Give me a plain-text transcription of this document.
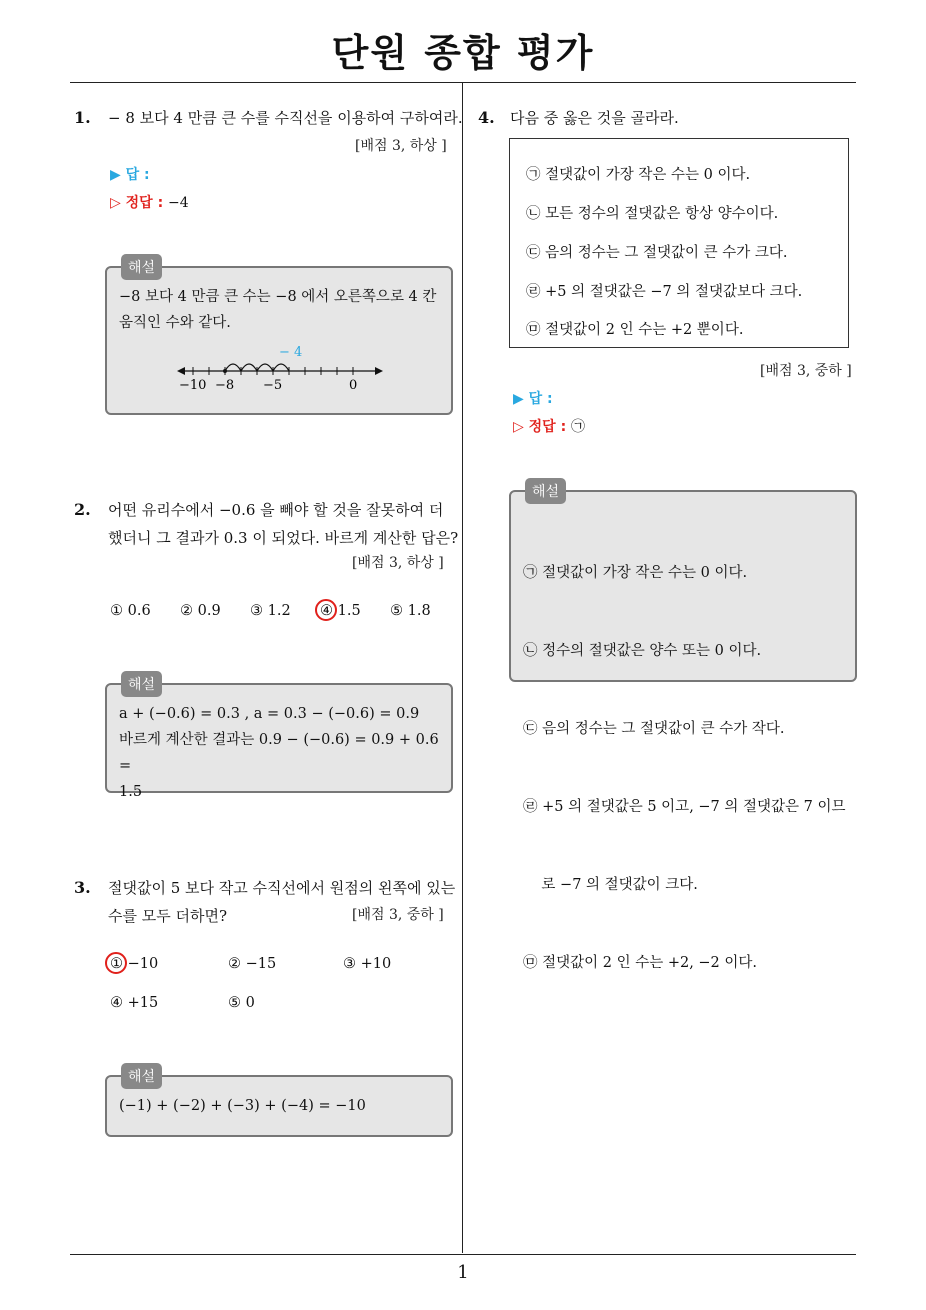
단원 종합 평가
1
1. − 8 보다 4 만큼 큰 수를 수직선을 이용하여 구하여라.
[배점 3, 하상 ]
▶ 답 :
▷ 정답 : −4
해설
−8 보다 4 만큼 큰 수는 −8 에서 오른쪽으로 4 칸
움직인 수와 같다.
− 4
−10 −8 −5	0
2. 어떤 유리수에서 −0.6 을 빼야 할 것을 잘못하여 더
했더니 그 결과가 0.3 이 되었다. 바르게 계산한 답은?
[배점 3, 하상 ]
① 0.6 ② 0.9 ③ 1.2 ④ 1.5 ⑤ 1.8
해설
a + (−0.6) = 0.3 , a = 0.3 − (−0.6) = 0.9
바르게 계산한 결과는 0.9 − (−0.6) = 0.9 + 0.6 =
1.5
3. 절댓값이 5 보다 작고 수직선에서 원점의 왼쪽에 있는
수를 모두 더하면?	[배점 3, 중하 ]
① −10	② −15	③ +10
④ +15	⑤ 0
해설
(−1) + (−2) + (−3) + (−4) = −10
4. 다음 중 옳은 것을 골라라.
㉠ 절댓값이 가장 작은 수는 0 이다.
㉡ 모든 정수의 절댓값은 항상 양수이다.
㉢ 음의 정수는 그 절댓값이 큰 수가 크다.
㉣ +5 의 절댓값은 −7 의 절댓값보다 크다.
㉤ 절댓값이 2 인 수는 +2 뿐이다.
[배점 3, 중하 ]
▶ 답 :
▷ 정답 : ㉠
해설

㉠ 절댓값이 가장 작은 수는 0 이다.

㉡ 정수의 절댓값은 양수 또는 0 이다.

㉢ 음의 정수는 그 절댓값이 큰 수가 작다.

㉣ +5 의 절댓값은 5 이고, −7 의 절댓값은 7 이므

로 −7 의 절댓값이 크다.

㉤ 절댓값이 2 인 수는 +2, −2 이다.
